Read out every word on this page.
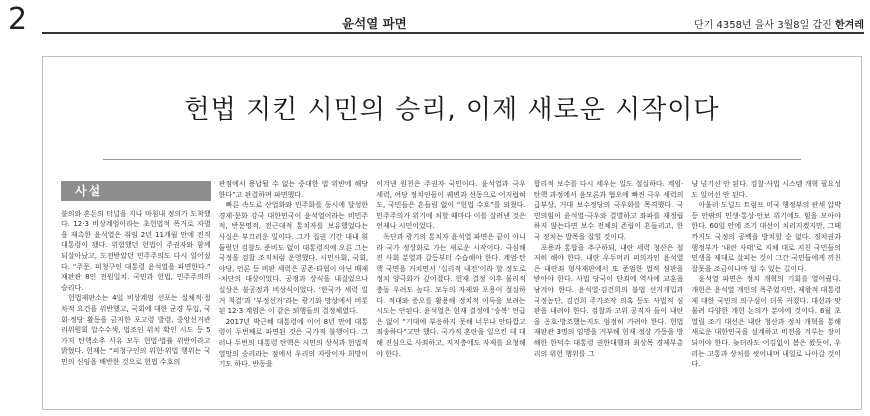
2	윤석열 파면	단기 4358년 을사 3월8일 갑진 한겨레
헌법 지킨 시민의 승리, 이제 새로운 시작이다
사설

불의와 혼돈의 터널을 지나 마침내 정의가 도착했다. 12·3 비상계엄이라는 초헌법적 폭거로 자멸을 재촉한 윤석열은 취임 2년 11개월 만에 전직 대통령이 됐다. 위험했던 헌법이 주권자와 함께 되살아났고, 도전받았던 민주주의도 다시 일어섰다. “주문. 피청구인 대통령 윤석열을 파면한다.” 재판관 8인 전원일치. 국민과 헌법, 민주주의의 승리다.

헌법재판소는 4일 비상계엄 선포는 실체적·절차적 요건을 위반했고, 국회에 대한 군경 투입, 국회·정당 활동을 금지한 포고령 발령, 중앙선거관리위원회 압수수색, 법조인 위치 확인 시도 등 5가지 탄핵소추 사유 모두 헌법·법률 위반이라고 밝혔다. 헌재는 “피청구인의 위헌·위법 행위는 국민의 신임을 배반한 것으로 헌법 수호의

관점에서 용납될 수 없는 중대한 법 위반에 해당한다”고 판결하며 파면했다.

빠른 속도로 산업화와 민주화를 동시에 달성한 경제·문화 강국 대한민국이 윤석열이라는 비민주적, 반문명적, 전근대적 통치자를 보유했었다는 사실은 부끄러운 일이다. 그가 집권 기간 내내 휘둘렀던 검찰도 준비도 없이 대통령직에 오른 그는 국정을 검찰 조직처럼 운영했다. 시민사회, 국회, 야당, 언론 등 비판 세력은 공존·타협이 아닌 배제·처단의 대상이었다. 공정과 상식을 내걸었으나 실상은 불공정과 비상식이었다. ‘한국가 세력 일거 척결’과 ‘부정선거’라는 광기와 망상에서 비롯된 12·3 계엄은 이 같은 퇴행들의 결정체였다.

2017년 박근혜 대통령에 이어 8년 만에 대통령이 두번째로 파면된 것은 국가적 불행이다. 그러나 두번의 대통령 탄핵은 시민의 상식과 헌법적 열망의 승리라는 점에서 우리의 자랑이자 희망이기도 하다. 반동을

이겨낸 원천은 주권자 국민이다. 윤석열과 극우 세력, 여당 정치인들이 궤변과 선동으로 어지럽혀도, 국민들은 흔들림 없이 “헌법 수호”를 외쳤다. 민주주의가 위기에 처할 때마다 이를 살려낸 것은 언제나 시민이었다.

독단과 광기의 통치자 윤석열 파면은 끝이 아니라 국가 정상화로 가는 새로운 시작이다. 극심해진 사회 분열과 갈등부터 수습해야 한다. 계엄·탄핵 국면을 거치면서 ‘십리적 내전’이라 할 정도로 정치 양극화가 깊어졌다. 헌재 결정 이후 물리적 충돌 우려도 높다. 모두의 자제와 포용이 절실하다. 적대와 증오를 활용해 정치적 이득을 보려는 시도는 안된다. 윤석열은 헌재 결정에 ‘승복’ 언급은 없이 “기대에 부응하지 못해 너무나 안타깝고 죄송하다”고만 했다. 국가적 혼란을 일으킨 데 대해 진심으로 사죄하고, 지지층에도 자제를 요청해야 한다.

합리적 보수를 다시 세우는 일도 절실하다. 계엄·탄핵 과정에서 음모론과 혐오에 빠진 극우 세력의 급부상, 거대 보수정당의 극우화를 목격했다. 국민의힘이 윤석열·극우와 결별하고 좌파를 재정립하지 않는다면 보수 전체의 존립이 흔들리고, 한국 정치는 발목을 잡힐 것이다.

포용과 통합을 추구하되, 내란 세력 청산은 철저히 해야 한다. 내란 우두머리 피의자인 윤석열은 내란죄 형사재판에서 또 준엄한 법적 심판을 받아야 한다. 사법 당국이 단죄에 역사에 교훈을 남겨야 한다. 윤석열·김건희의 불법 선거개입과 국정농단, 김건희 주가조작 의혹 등도 사법적 심판을 내려야 한다. 검찰과 고위 공직자 들이 내란을 옹호·방조했는지도 엄정히 가려야 한다. 헌법재판관 3명의 임명을 거부해 헌재 정상 가동을 방해한 한덕수 대통령 권한대행과 최상목 경제부총리의 위헌 행위를 그

냥 넘기선 안 된다. 검찰·사법 시스템 개혁 필요성도 일어선 안 된다.

아울러 도널드 트럼프 미국 행정부의 관세 압박 등 안팎의 민생·통상·안보 위기에도 힘을 모아야 한다. 60일 안에 조기 대선이 치러지겠지만, 그때까지도 국정의 공백을 방치할 순 없다. 정치권과 행정부가 ‘내란 사태’로 지체 대로 지친 국민들의 민생을 제대로 살피는 것이 그간 국민들에게 끼친 잘못을 조금이나마 덜 수 있는 길이다.

윤석열 파면은 정치 개혁의 기회를 열어줬다. 개헌은 윤석열 개인의 폭주였지만, 제왕적 대통령제 대한 국민의 의구심이 더욱 커졌다. 대선과 맞물려 다양한 개헌 논의가 분야에 것이다. 6월 초 열릴 조기 대선은 내란 청산과 정치 개혁을 통해 새로운 대한민국을 설계하고 비전을 겨루는 장이 되어야 한다. 늦더라도 어김없이 봄은 왔듯이, 우리는 고통과 상처를 씻어내며 내일로 나아갈 것이다.
